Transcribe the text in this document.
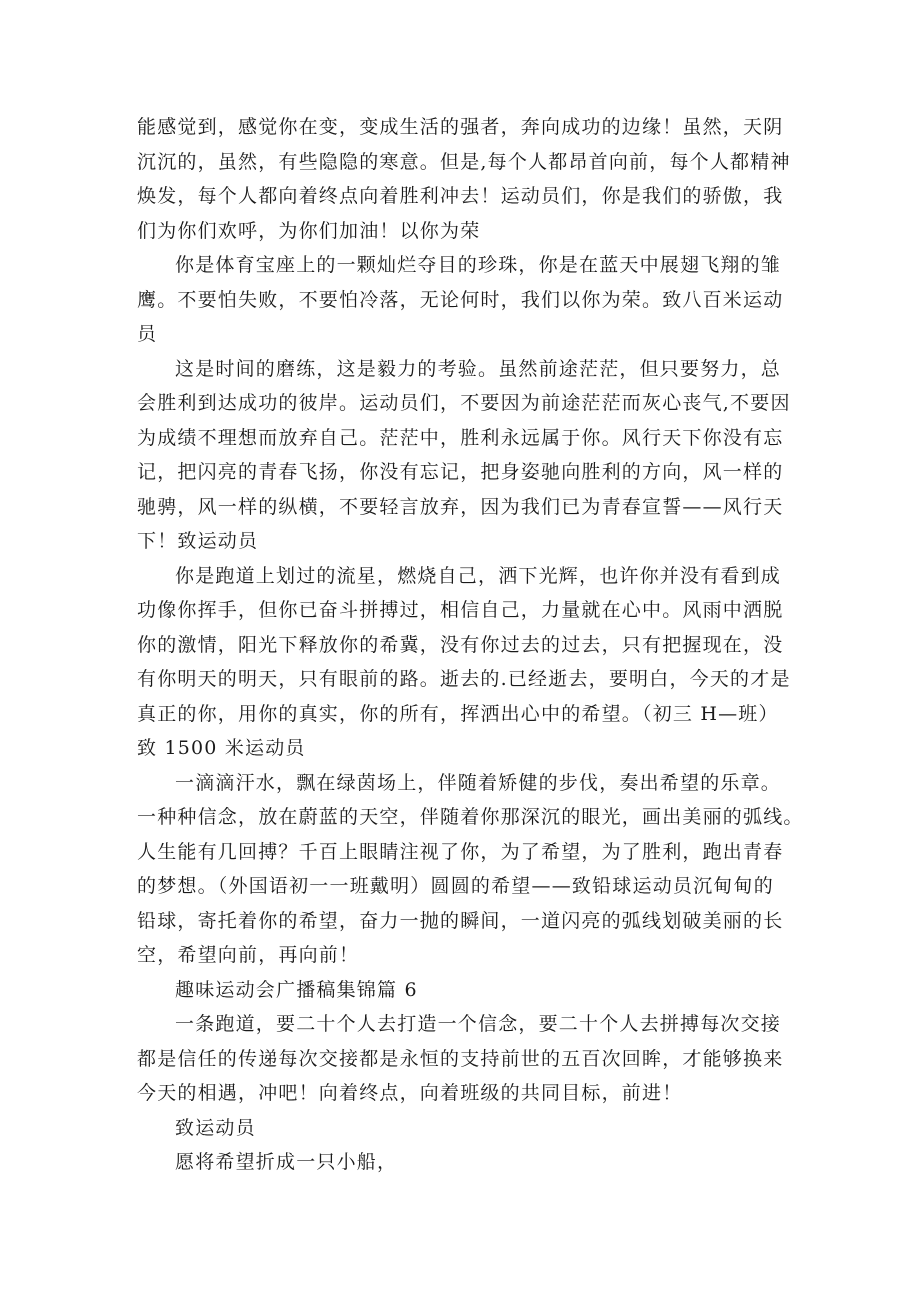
能感觉到，感觉你在变，变成生活的强者，奔向成功的边缘！虽然，天阴
沉沉的，虽然，有些隐隐的寒意。但是,每个人都昂首向前，每个人都精神
焕发，每个人都向着终点向着胜利冲去！运动员们，你是我们的骄傲，我
们为你们欢呼，为你们加油！以你为荣
你是体育宝座上的一颗灿烂夺目的珍珠，你是在蓝天中展翅飞翔的雏
鹰。不要怕失败，不要怕冷落，无论何时，我们以你为荣。致八百米运动
员
这是时间的磨练，这是毅力的考验。虽然前途茫茫，但只要努力，总
会胜利到达成功的彼岸。运动员们，不要因为前途茫茫而灰心丧气,不要因
为成绩不理想而放弃自己。茫茫中，胜利永远属于你。风行天下你没有忘
记，把闪亮的青春飞扬，你没有忘记，把身姿驰向胜利的方向，风一样的
驰骋，风一样的纵横，不要轻言放弃，因为我们已为青春宣誓——风行天
下！致运动员
你是跑道上划过的流星，燃烧自己，洒下光辉，也许你并没有看到成
功像你挥手，但你已奋斗拼搏过，相信自己，力量就在心中。风雨中洒脱
你的激情，阳光下释放你的希冀，没有你过去的过去，只有把握现在，没
有你明天的明天，只有眼前的路。逝去的.已经逝去，要明白，今天的才是
真正的你，用你的真实，你的所有，挥洒出心中的希望。（初三 H—班）
致 1500 米运动员
一滴滴汗水，飘在绿茵场上，伴随着矫健的步伐，奏出希望的乐章。
一种种信念，放在蔚蓝的天空，伴随着你那深沉的眼光，画出美丽的弧线。
人生能有几回搏？千百上眼睛注视了你，为了希望，为了胜利，跑出青春
的梦想。（外国语初一一班戴明）圆圆的希望——致铅球运动员沉甸甸的
铅球，寄托着你的希望，奋力一抛的瞬间，一道闪亮的弧线划破美丽的长
空，希望向前，再向前！
趣味运动会广播稿集锦篇 6
一条跑道，要二十个人去打造一个信念，要二十个人去拼搏每次交接
都是信任的传递每次交接都是永恒的支持前世的五百次回眸，才能够换来
今天的相遇，冲吧！向着终点，向着班级的共同目标，前进！
致运动员
愿将希望折成一只小船，
